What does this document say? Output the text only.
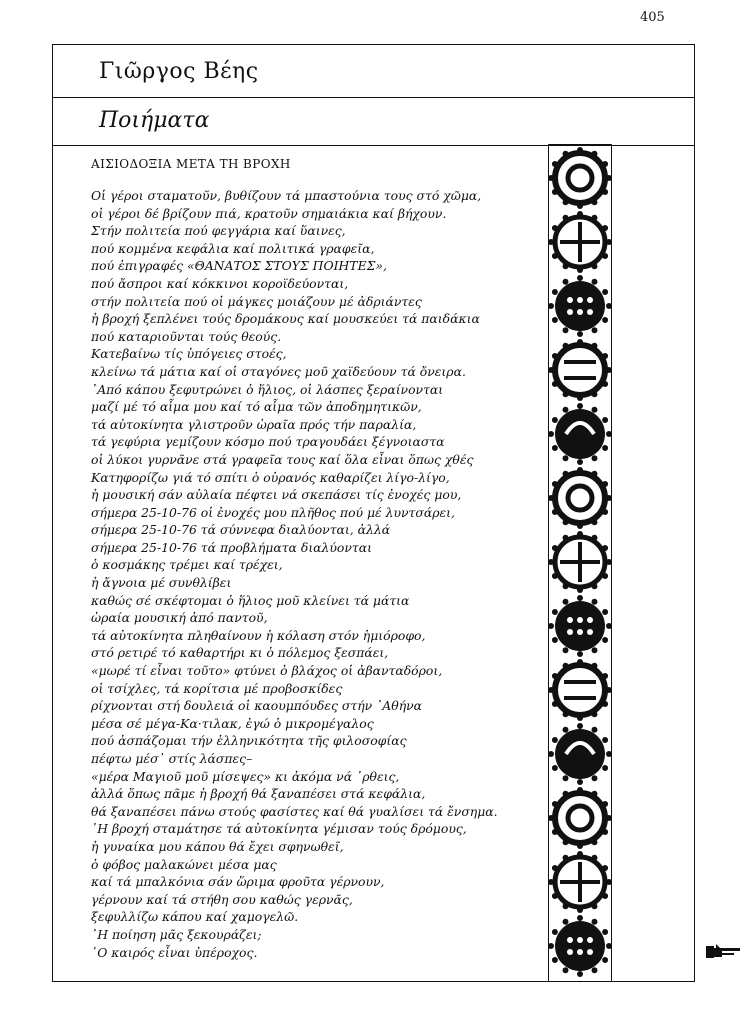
405
Γιῶργος Βέης
Ποιήματα
ΑΙΣΙΟΔΟΞΙΑ ΜΕΤΑ ΤΗ ΒΡΟΧΗ
Οἱ γέροι σταματοῦν, βυθίζουν τά μπαστούνια τους στό χῶμα,
οἱ γέροι δέ βρίζουν πιά, κρατοῦν σημαιάκια καί βήχουν.
Στήν πολιτεία πού φεγγάρια καί ὕαινες,
πού κομμένα κεφάλια καί πολιτικά γραφεῖα,
πού ἐπιγραφές «ΘΑΝΑΤΟΣ ΣΤΟΥΣ ΠΟΙΗΤΕΣ»,
πού ἄσπροι καί κόκκινοι κοροϊδεύονται,
στήν πολιτεία πού οἱ μάγκες μοιάζουν μέ ἀδριάντες
ἡ βροχή ξεπλένει τούς δρομάκους καί μουσκεύει τά παιδάκια
πού καταριοῦνται τούς θεούς.
Κατεβαίνω τίς ὑπόγειες στοές,
κλείνω τά μάτια καί οἱ σταγόνες μοῦ χαϊδεύουν τά ὄνειρα.
᾿Από κάπου ξεφυτρώνει ὁ ἥλιος, οἱ λάσπες ξεραίνονται
μαζί μέ τό αἷμα μου καί τό αἷμα τῶν ἀποδημητικῶν,
τά αὐτοκίνητα γλιστροῦν ὡραῖα πρός τήν παραλία,
τά γεφύρια γεμίζουν κόσμο πού τραγουδάει ξέγνοιαστα
οἱ λύκοι γυρνᾶνε στά γραφεῖα τους καί ὅλα εἶναι ὅπως χθές
Κατηφορίζω γιά τό σπίτι ὁ οὐρανός καθαρίζει λίγο-λίγο,
ἡ μουσική σάν αὐλαία πέφτει νά σκεπάσει τίς ἐνοχές μου,
σήμερα 25-10-76 οἱ ἐνοχές μου πλῆθος πού μέ λυντσάρει,
σήμερα 25-10-76 τά σύννεφα διαλύονται, ἀλλά
σήμερα 25-10-76 τά προβλήματα διαλύονται
ὁ κοσμάκης τρέμει καί τρέχει,
ἡ ἄγνοια μέ συνθλίβει
καθώς σέ σκέφτομαι ὁ ἥλιος μοῦ κλείνει τά μάτια
ὡραία μουσική ἀπό παντοῦ,
τά αὐτοκίνητα πληθαίνουν ἡ κόλαση στόν ἡμιόροφο,
στό ρετιρέ τό καθαρτήρι κι ὁ πόλεμος ξεσπάει,
«μωρέ τί εἶναι τοῦτο» φτύνει ὁ βλάχος οἱ ἀβανταδόροι,
οἱ τσίχλες, τά κορίτσια μέ προβοσκίδες
ρίχνονται στή δουλειά οἱ καουμπόυδες στήν ᾿Αθήνα
μέσα σέ μέγα-Κα·τιλακ, ἐγώ ὁ μικρομέγαλος
πού ἀσπάζομαι τήν ἑλληνικότητα τῆς φιλοσοφίας
πέφτω μέσ᾿ στίς λάσπες–
«μέρα Μαγιοῦ μοῦ μίσεψες» κι ἀκόμα νά ᾿ρθεις,
ἀλλά ὅπως πᾶμε ἡ βροχή θά ξαναπέσει στά κεφάλια,
θά ξαναπέσει πάνω στούς φασίστες καί θά γυαλίσει τά ἔνσημα.
᾿Η βροχή σταμάτησε τά αὐτοκίνητα γέμισαν τούς δρόμους,
ἡ γυναίκα μου κάπου θά ἔχει σφηνωθεῖ,
ὁ φόβος μαλακώνει μέσα μας
καί τά μπαλκόνια σάν ὥριμα φροῦτα γέρνουν,
γέρνουν καί τά στήθη σου καθώς γερνᾶς,
ξεφυλλίζω κάπου καί χαμογελῶ.
᾿Η ποίηση μᾶς ξεκουράζει;
῾Ο καιρός εἶναι ὑπέροχος.
